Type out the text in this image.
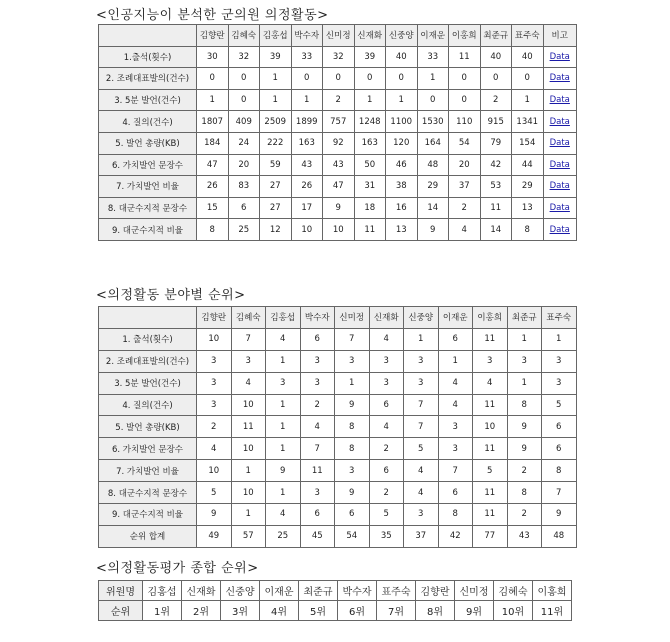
<인공지능이 분석한 군의원 의정활동>
	김향란	김혜숙	김홍섭	박수자	신미정	신재화	신중양	이재운	이홍희	최준규	표주숙	비고
1.출석(횟수)	30	32	39	33	32	39	40	33	11	40	40	Data
2. 조례대표발의(건수)	0	0	1	0	0	0	0	1	0	0	0	Data
3. 5분 발언(건수)	1	0	1	1	2	1	1	0	0	2	1	Data
4. 질의(건수)	1807	409	2509	1899	757	1248	1100	1530	110	915	1341	Data
5. 발언 총량(KB)	184	24	222	163	92	163	120	164	54	79	154	Data
6. 가치발언 문장수	47	20	59	43	43	50	46	48	20	42	44	Data
7. 가치발언 비율	26	83	27	26	47	31	38	29	37	53	29	Data
8. 대군수지적 문장수	15	6	27	17	9	18	16	14	2	11	13	Data
9. 대군수지적 비율	8	25	12	10	10	11	13	9	4	14	8	Data
<의정활동 분야별 순위>
	김향란	김혜숙	김홍섭	박수자	신미정	신재화	신중양	이재운	이홍희	최준규	표주숙
1. 출석(횟수)	10	7	4	6	7	4	1	6	11	1	1
2. 조례대표발의(건수)	3	3	1	3	3	3	3	1	3	3	3
3. 5분 발언(건수)	3	4	3	3	1	3	3	4	4	1	3
4. 질의(건수)	3	10	1	2	9	6	7	4	11	8	5
5. 발언 총량(KB)	2	11	1	4	8	4	7	3	10	9	6
6. 가치발언 문장수	4	10	1	7	8	2	5	3	11	9	6
7. 가치발언 비율	10	1	9	11	3	6	4	7	5	2	8
8. 대군수지적 문장수	5	10	1	3	9	2	4	6	11	8	7
9. 대군수지적 비율	9	1	4	6	6	5	3	8	11	2	9
순위 합계	49	57	25	45	54	35	37	42	77	43	48
<의정활동평가 종합 순위>
위원명	김홍섭	신재화	신중양	이재운	최준규	박수자	표주숙	김향란	신미정	김혜숙	이홍희
순위	1위	2위	3위	4위	5위	6위	7위	8위	9위	10위	11위
